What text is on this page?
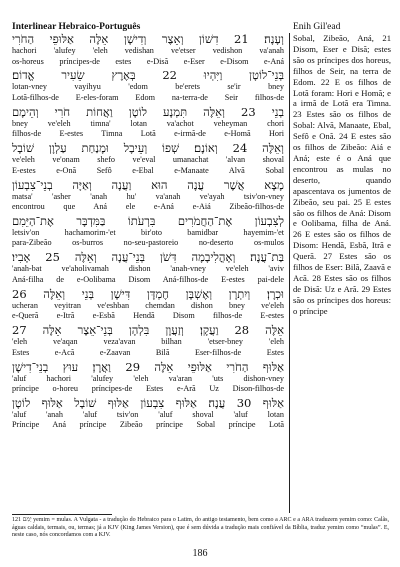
Interlinear Hebraico-Português	Enih Gil'ead
וְעָנָה׃ 21 דִשׁוֹן וְאֵצֶר וְדִישָׁן אֵלֶּה אַלּוּפֵי הַחֹרִי
hachori 'alufey 'eleh vedishan ve'etser vedishon va'anah
os-horeus príncipes-de estes e-Disã e-Eser e-Disom e-Aná
בְּנֵי־לוֹטָן וַיִּהְיוּ 22 בְּאֶרֶץ שֵׂעִיר אֱדוֹם׃
lotan-vney vayihyu 'edom be'erets se'ir bney
Lotã-filhos-de E-eles-foram Edom na-terra-de Seir filhos-de
בְנֵי 23 וְאֵלֶּה תִּמְנָע לוֹטָן וַאֲחוֹת חֹרִי וְהֵימָם
bney ve'eleh timna' lotan va'achot veheyman chori
filhos-de E-estes Timna Lotã e-irmã-de e-Homã Hori
וְאֵלֶּה 24 וְאוֹנָם׃ שְׁפוֹ וְעֵיבָל וּמָנַחַת עַלְוָן שׁוֹבָל
ve'eleh ve'onam shefo ve'eval umanachat 'alvan shoval
E-estes e-Onã Sefô e-Ebal e-Manaate Alvã Sobal
מָצָא אֲשֶׁר עֲנָה הוּא וַעֲנָה וְאַיָּה בְנֵי־צִבְעוֹן
matsa' 'asher 'anah hu' va'anah ve'ayah tsiv'on-vney
encontrou que Aná ele e-Aná e-Aiá Zibeão-filhos-de
לְצִבְעוֹן אֶת־הַחֲמֹרִים בִּרְעֹתוֹ בַּמִּדְבָּר אֶת־הַיֵּמִם
letsiv'on hachamorim-'et bir'oto bamidbar hayemim-'et
para-Zibeão os-burros no-seu-pastoreio no-deserto os-mulos
בַּת־עֲנָה׃ וְאָהֳלִיבָמָה דִּשֹׁן בְּנֵי־עֲנָה וְאֵלֶּה 25 אָבִיו׃
'anah-bat ve'aholivamah dishon 'anah-vney ve'eleh 'aviv
Aná-filha de e-Oolibama Disom Aná-filhos-de E-estes pai-dele
וּכְרָן׃ וְיִתְרָן וְאֶשְׁבָּן חֶמְדָּן דִּישָׁן בְּנֵי וְאֵלֶּה 26
ucheran veyitran ve'eshban chemdan dishon bney ve'eleh
e-Querã e-Itrã e-Esbã Hendã Disom filhos-de E-estes
אֵלֶּה 28 וַעֲקָן׃ וְזַעֲוָן בִּלְהָן בְּנֵי־אֵצֶר אֵלֶּה 27
'eleh ve'aqan veza'avan bilhan 'etser-bney 'eleh
Estes e-Acã e-Zaavan Bilã Eser-filhos-de Estes
אַלּוּף הַחֹרִי אַלּוּפֵי אֵלֶּה 29 וַאֲרָן׃ עוּץ בְנֵי־דִישָׁן
'aluf hachori 'alufey 'eleh va'aran 'uts dishon-vney
príncipe o-horeu príncipes-de Estes e-Arã Uz Dison-filhos-de
אַלּוּף 30 עֲנָה׃ אַלּוּף צִבְעוֹן אַלּוּף שׁוֹבָל אַלּוּף לוֹטָן
'aluf 'anah 'aluf tsiv'on 'aluf shoval 'aluf lotan
Príncipe Aná príncipe Zibeão príncipe Sobal príncipe Lotã

Sobal, Zibeão, Aná, 21 Disom, Eser e Disã; estes são os príncipes dos horeus, filhos de Seir, na terra de Edom. 22 E os filhos de Lotã foram: Hori e Homã; e a irmã de Lotã era Timna. 23 Estes são os filhos de Sobal: Alvã, Manaate, Ebal, Sefô e Onã. 24 E estes são os filhos de Zibeão: Aiá e Aná; este é o Aná que encontrou as mulas no deserto, quando apascentava os jumentos de Zibeão, seu pai. 25 E estes são os filhos de Aná: Disom e Oolibama, filha de Aná. 26 E estes são os filhos de Disom: Hendã, Esbã, Itrã e Querã. 27 Estes são os filhos de Eser: Bilã, Zaavã e Acã. 28 Estes são os filhos de Disã: Uz e Arã. 29 Estes são os príncipes dos horeus: o príncipe

121 יֵמִם yemim = mulas. A Vulgata - a tradução do Hebraico para o Latim, do antigo testamento, bem como a ARC e a ARA traduzem yemim como: Calãs, águas caldais, termais, ou, termas; já a KJV (King James Version), que é sem dúvida a tradução mais confiável da Bíblia, traduz yemim como “mulas”. E, neste caso, nós concordamos com a KJV.
186
